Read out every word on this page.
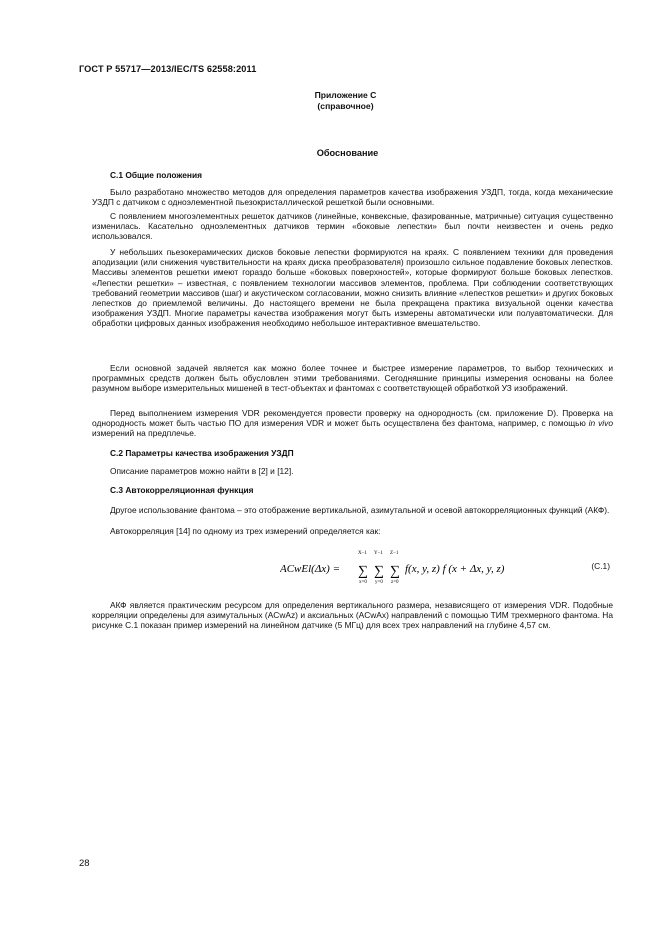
ГОСТ Р 55717—2013/IEC/TS 62558:2011
Приложение С
(справочное)
Обоснование
С.1 Общие положения

Было разработано множество методов для определения параметров качества изображения УЗДП, тогда, когда механические УЗДП с датчиком с одноэлементной пьезокристаллической решеткой были основными.

С появлением многоэлементных решеток датчиков (линейные, конвексные, фазированные, матричные) ситуация существенно изменилась. Касательно одноэлементных датчиков термин «боковые лепестки» был почти неизвестен и очень редко использовался.

У небольших пьезокерамических дисков боковые лепестки формируются на краях. С появлением техники для проведения аподизации (или снижения чувствительности на краях диска преобразователя) произошло сильное подавление боковых лепестков. Массивы элементов решетки имеют гораздо больше «боковых поверхностей», которые формируют больше боковых лепестков. «Лепестки решетки» – известная, с появлением технологии массивов элементов, проблема. При соблюдении соответствующих требований геометрии массивов (шаг) и акустическом согласовании, можно снизить влияние «лепестков решетки» и других боковых лепестков до приемлемой величины. До настоящего времени не была прекращена практика визуальной оценки качества изображения УЗДП. Многие параметры качества изображения могут быть измерены автоматически или полуавтоматически. Для обработки цифровых данных изображения необходимо небольшое интерактивное вмешательство.

Если основной задачей является как можно более точнее и быстрее измерение параметров, то выбор технических и программных средств должен быть обусловлен этими требованиями. Сегодняшние принципы измерения основаны на более разумном выборе измерительных мишеней в тест-объектах и фантомах с соответствующей обработкой УЗ изображений.

Перед выполнением измерения VDR рекомендуется провести проверку на однородность (см. приложение D). Проверка на однородность может быть частью ПО для измерения VDR и может быть осуществлена без фантома, например, с помощью in vivo измерений на предплечье.

С.2 Параметры качества изображения УЗДП

Описание параметров можно найти в [2] и [12].

С.3 Автокорреляционная функция

Другое использование фантома – это отображение вертикальной, азимутальной и осевой автокорреляционных функций (АКФ).

Автокорреляция [14] по одному из трех измерений определяется как:

ACwEl(Δx) =
X−1
∑
x=0
Y−1
∑
y=0
Z−1
∑
z=0
f(x, y, z) f (x + Δx, y, z)	(С.1)

АКФ является практическим ресурсом для определения вертикального размера, независящего от измерения VDR. Подобные корреляции определены для азимутальных (ACwAz) и аксиальных (ACwAx) направлений с помощью ТИМ трехмерного фантома. На рисунке С.1 показан пример измерений на линейном датчике (5 МГц) для всех трех направлений на глубине 4,57 см.

28
